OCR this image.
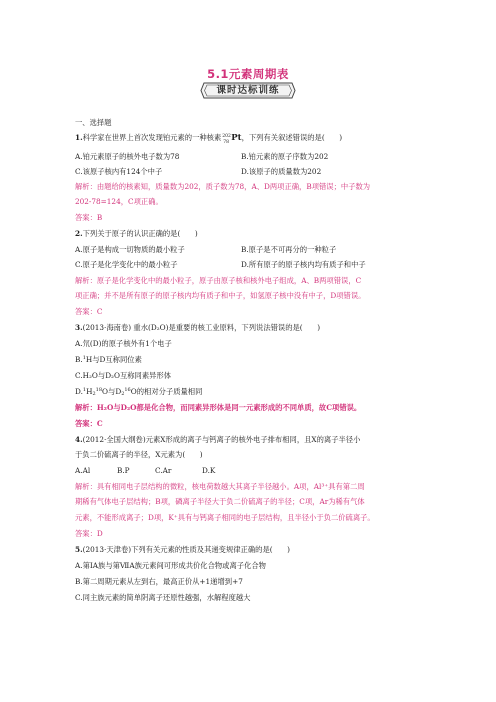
5.1元素周期表
课时达标训练
一、选择题
1.科学家在世界上首次发现铂元素的一种核素 202
78 Pt，下列有关叙述错误的是(　　)
A.铂元素原子的核外电子数为78	B.铂元素的原子序数为202
C.该原子核内有124个中子	D.该原子的质量数为202
解析：由题给的核素知，质量数为202，质子数为78，A、D两项正确，B项错误；中子数为
202-78=124，C项正确。
答案：B
2.下列关于原子的认识正确的是(　　)
A.原子是构成一切物质的最小粒子	B.原子是不可再分的一种粒子
C.原子是化学变化中的最小粒子	D.所有原子的原子核内均有质子和中子
解析：原子是化学变化中的最小粒子，原子由原子核和核外电子组成，A、B两项错误，C
项正确；并不是所有原子的原子核内均有质子和中子，如氢原子核中没有中子，D项错误。
答案：C
3.(2013·海南卷) 重水(D₂O)是重要的核工业原料，下列说法错误的是(　　)
A.氘(D)的原子核外有1个电子
B.$^1$H与D互称同位素
C.H₂O与D₂O互称同素异形体
$D.^1H_2^{18}O$与$D_2^{16}O$的相对分子质量相同
解析：H₂O与D₂O都是化合物，而同素异形体是同一元素形成的不同单质，故C项错误。
答案：C
4.(2012·全国大纲卷)元素X形成的离子与钙离子的核外电子排布相同，且X的离子半径小
于负二价硫离子的半径，X元素为(　　)
A.Al	B.P	C.Ar	D.K
解析：具有相同电子层结构的微粒，核电荷数越大其离子半径越小。A项，Al³⁺具有第二周
期稀有气体电子层结构；B项，磷离子半径大于负二价硫离子的半径；C项，Ar为稀有气体
元素，不能形成离子；D项，K⁺具有与钙离子相同的电子层结构，且半径小于负二价硫离子。
答案：D
5.(2013·天津卷)下列有关元素的性质及其递变规律正确的是(　　)
A.第ⅠA族与第ⅦA族元素间可形成共价化合物或离子化合物
B.第二周期元素从左到右，最高正价从+1递增到+7
C.同主族元素的简单阴离子还原性越强，水解程度越大
